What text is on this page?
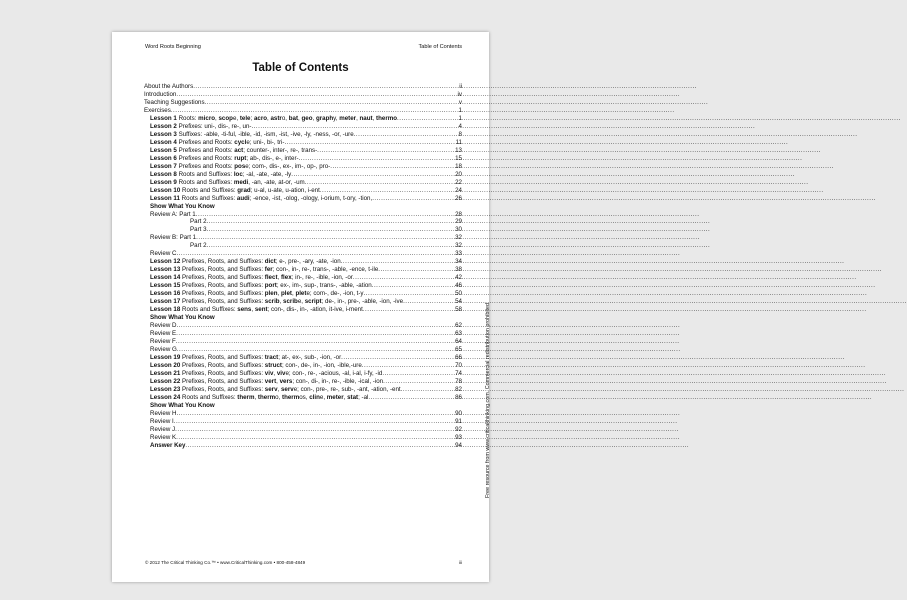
Word Roots Beginning	Table of Contents
Table of Contents
About the Authors .....	ii
Introduction .....	iv
Teaching Suggestions .....	v
Exercises .....	1
Lesson 1 Roots: micro, scope, tele; acro, astro, bat, geo, graphy, meter, naut, thermo .....	1
Lesson 2 Prefixes: uni-, dis-, re-, un- .....	4
Lesson 3 Suffixes: -able, -ti-ful, -ible, -id, -ism, -ist, -ive, -ly, -ness, -or, -ure .....	8
Lesson 4 Prefixes and Roots: cycle; uni-, bi-, tri- .....	11
Lesson 5 Prefixes and Roots: act; counter-, inter-, re-, trans- .....	13
Lesson 6 Prefixes and Roots: rupt; ab-, dis-, e-, inter- .....	15
Lesson 7 Prefixes and Roots: pose; com-, dis-, ex-, im-, op-, pro- .....	18
Lesson 8 Roots and Suffixes: loc; -al, -ate, -ate, -ly .....	20
Lesson 9 Roots and Suffixes: medi, -an, -ate, at-or, -um .....	22
Lesson 10 Roots and Suffixes: grad; u-al, u-ate, u-ation, i-ent .....	24
Lesson 11 Roots and Suffixes: audi; -ence, -ist, -olog, -ology, i-orium, t-ory, -tion, .....	26
Show What You Know
Review A: Part 1 .....	28
Part 2 .....	29
Part 3 .....	30
Review B: Part 1 .....	32
Part 2 .....	32
Review C .....	33
Lesson 12 Prefixes, Roots, and Suffixes: dict; e-, pre-, -ary, -ate, -ion .....	34
Lesson 13 Prefixes, Roots, and Suffixes: fer; con-, in-, re-, trans-, -able, -ence, t-ile .....	38
Lesson 14 Prefixes, Roots, and Suffixes: flect, flex; in-, re-, -ible, -ion, -or .....	42
Lesson 15 Prefixes, Roots, and Suffixes: port; ex-, im-, sup-, trans-, -able, -ation .....	46
Lesson 16 Prefixes, Roots, and Suffixes: plen, plet, plete; com-, de-, -ion, t-y .....	50
Lesson 17 Prefixes, Roots, and Suffixes: scrib, scribe, script; de-, in-, pre-, -able, -ion, -ive .....	54
Lesson 18 Roots and Suffixes: sens, sent; con-, dis-, in-, -ation, it-ive, i-ment .....	58
Show What You Know
Review D .....	62
Review E .....	63
Review F .....	64
Review G .....	65
Lesson 19 Prefixes, Roots, and Suffixes: tract; at-, ex-, sub-, -ion, -or .....	66
Lesson 20 Prefixes, Roots, and Suffixes: struct; con-, de-, in-, -ion, -ible,-ure .....	70
Lesson 21 Prefixes, Roots, and Suffixes: viv, vive; con-, re-, -acious, -al, i-al, i-fy, -id .....	74
Lesson 22 Prefixes, Roots, and Suffixes: vert, vers; con-, di-, in-, re-, -ible, -ical, -ion .....	78
Lesson 23 Prefixes, Roots, and Suffixes: serv, serve; con-, pre-, re-, sub-, -ant, -ation, -ent .....	82
Lesson 24 Roots and Suffixes: therm, thermo, thermos, cline, meter, stat; -al .....	86
Show What You Know
Review H .....	90
Review I .....	91
Review J .....	92
Review K .....	93
Answer Key .....	94
© 2012 The Critical Thinking Co.™ • www.CriticalThinking.com • 800-458-4849	iii
Free resource from www.criticalthinking.com. Commercial redistribution prohibited
